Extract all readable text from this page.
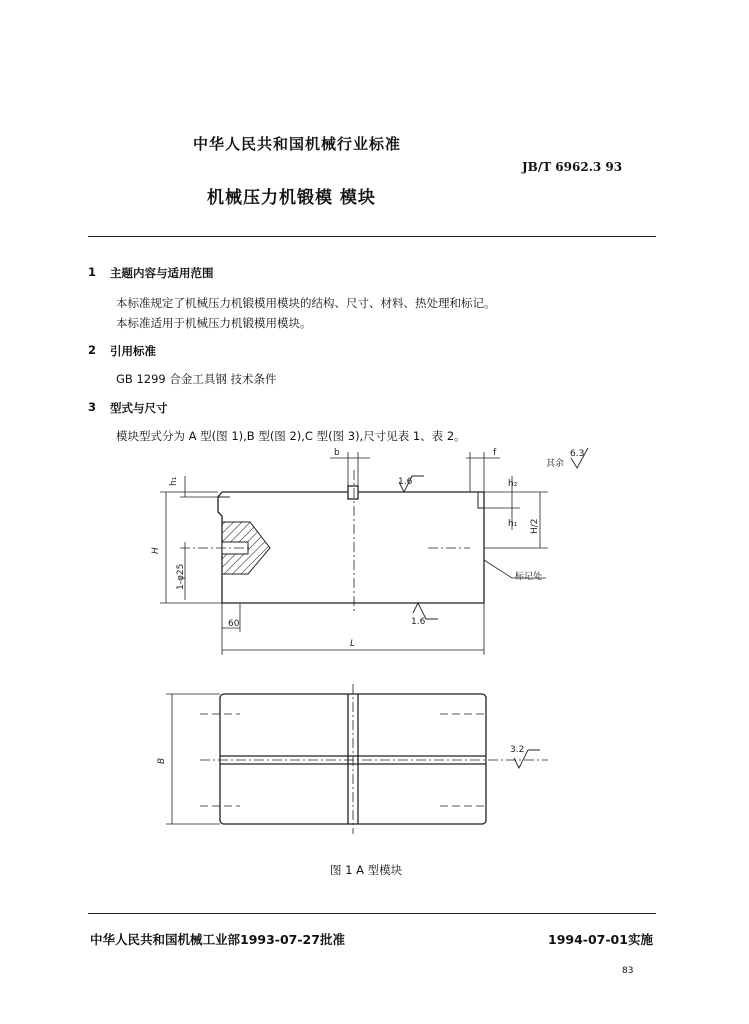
中华人民共和国机械行业标准
JB/T 6962.3 93
机械压力机锻模 模块
1 主题内容与适用范围
本标准规定了机械压力机锻模用模块的结构、尺寸、材料、热处理和标记。
本标准适用于机械压力机锻模用模块。
2 引用标准
GB 1299 合金工具钢 技术条件
3 型式与尺寸
模块型式分为 A 型(图 1),B 型(图 2),C 型(图 3),尺寸见表 1、表 2。
b	f
h₁	h₂
h₁ H/2
H
1-φ25
60
L
B
1.6
1.6
3.2
其余
6.3
标记处
图 1 A 型模块
中华人民共和国机械工业部1993-07-27批准	1994-07-01实施
83
